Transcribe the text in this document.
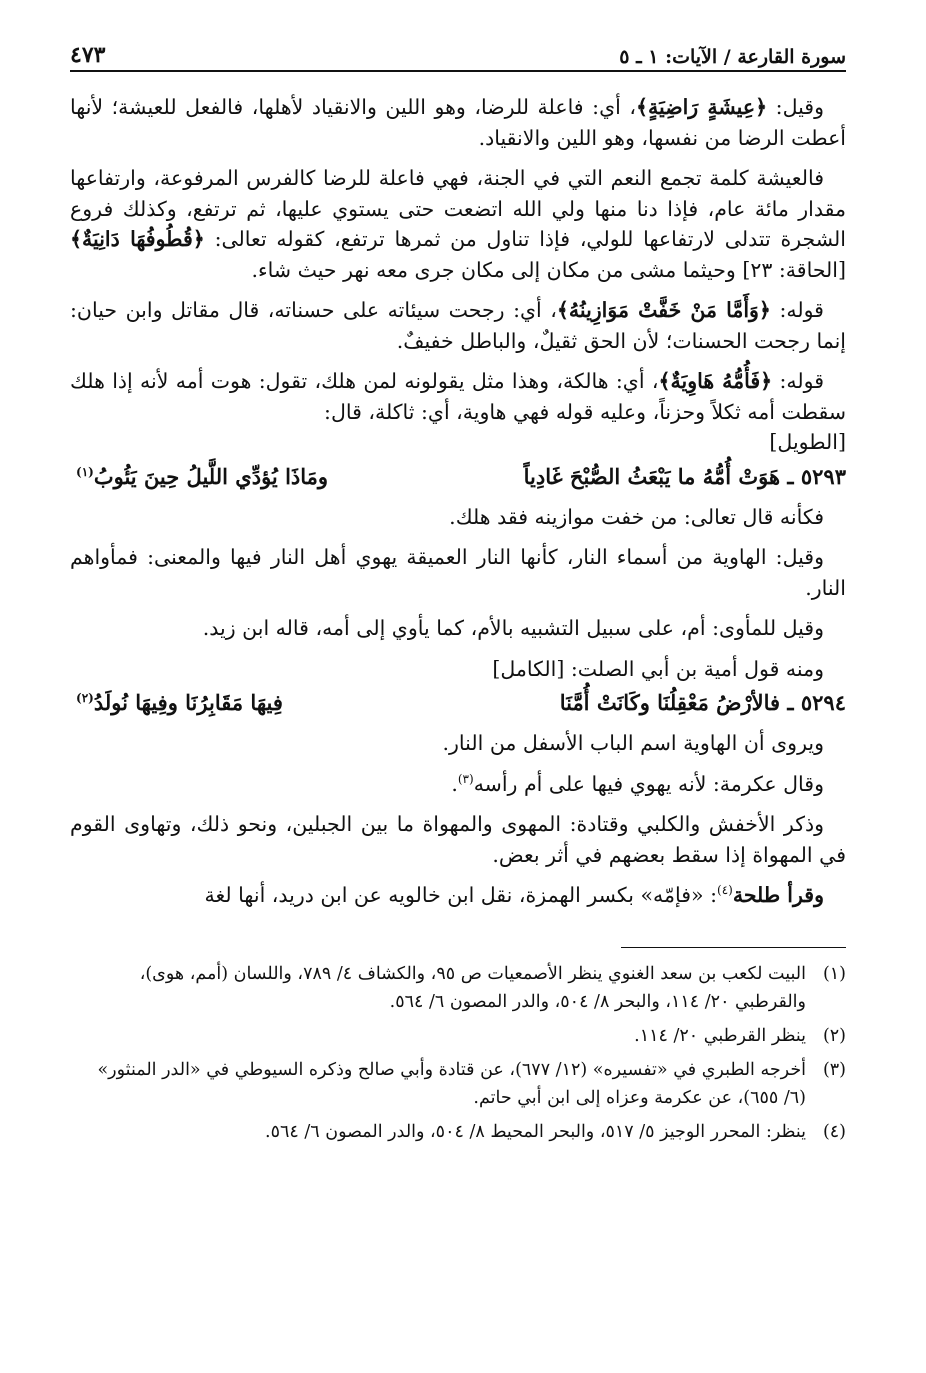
سورة القارعة / الآيات: ١ ـ ٥
٤٧٣

وقيل: ﴿عِيشَةٍ رَاضِيَةٍ﴾، أي: فاعلة للرضا، وهو اللين والانقياد لأهلها، فالفعل للعيشة؛ لأنها أعطت الرضا من نفسها، وهو اللين والانقياد.

فالعيشة كلمة تجمع النعم التي في الجنة، فهي فاعلة للرضا كالفرس المرفوعة، وارتفاعها مقدار مائة عام، فإذا دنا منها ولي الله اتضعت حتى يستوي عليها، ثم ترتفع، وكذلك فروع الشجرة تتدلى لارتفاعها للولي، فإذا تناول من ثمرها ترتفع، كقوله تعالى: ﴿قُطُوفُهَا دَانِيَةٌ﴾ [الحاقة: ٢٣] وحيثما مشى من مكان إلى مكان جرى معه نهر حيث شاء.

قوله: ﴿وَأَمَّا مَنْ خَفَّتْ مَوَازِينُهُ﴾، أي: رجحت سيئاته على حسناته، قال مقاتل وابن حيان: إنما رجحت الحسنات؛ لأن الحق ثقيلٌ، والباطل خفيفٌ.

قوله: ﴿فَأُمُّهُ هَاوِيَةٌ﴾، أي: هالكة، وهذا مثل يقولونه لمن هلك، تقول: هوت أمه لأنه إذا هلك سقطت أمه ثكلاً وحزناً، وعليه قوله فهي هاوية، أي: ثاكلة، قال:

[الطويل]
٥٢٩٣ ـ هَوَتْ أُمُّهُ ما يَبْعَثُ الصُّبْحَ غَادِياً
ومَاذَا يُؤدِّي اللَّيلُ حِينَ يَئُوبُ$^{(١)}$

فكأنه قال تعالى: من خفت موازينه فقد هلك.

وقيل: الهاوية من أسماء النار، كأنها النار العميقة يهوي أهل النار فيها والمعنى: فمأواهم النار.

وقيل للمأوى: أم، على سبيل التشبيه بالأم، كما يأوي إلى أمه، قاله ابن زيد.

ومنه قول أمية بن أبي الصلت: [الكامل]

٥٢٩٤ ـ فالأرْضُ مَعْقِلُنَا وكَانَتْ أُمَّنَا
فِيهَا مَقَابِرُنَا وفِيهَا نُولَدُ$^{(٢)}$

ويروى أن الهاوية اسم الباب الأسفل من النار.

وقال عكرمة: لأنه يهوي فيها على أم رأسه$^{(٣)}$.

وذكر الأخفش والكلبي وقتادة: المهوى والمهواة ما بين الجبلين، ونحو ذلك، وتهاوى القوم في المهواة إذا سقط بعضهم في أثر بعض.

وقرأ طلحة$^{(٤)}$: «فإمّه» بكسر الهمزة، نقل ابن خالويه عن ابن دريد، أنها لغة

(١)
البيت لكعب بن سعد الغنوي ينظر الأصمعيات ص ٩٥، والكشاف ٤/ ٧٨٩، واللسان (أمم، هوى)، والقرطبي ٢٠/ ١١٤، والبحر ٨/ ٥٠٤، والدر المصون ٦/ ٥٦٤.
(٢)
ينظر القرطبي ٢٠/ ١١٤.
(٣)
أخرجه الطبري في «تفسيره» (١٢/ ٦٧٧)، عن قتادة وأبي صالح وذكره السيوطي في «الدر المنثور» (٦/ ٦٥٥)، عن عكرمة وعزاه إلى ابن أبي حاتم.
(٤)
ينظر: المحرر الوجيز ٥/ ٥١٧، والبحر المحيط ٨/ ٥٠٤، والدر المصون ٦/ ٥٦٤.
